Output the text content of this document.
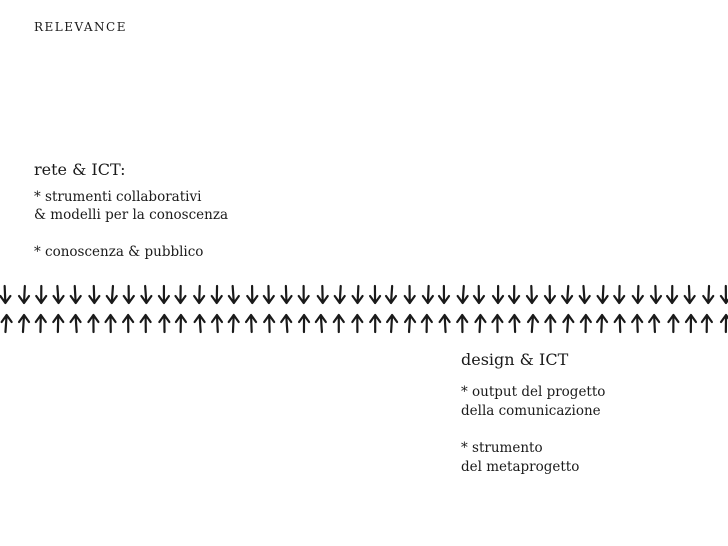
RELEVANCE
rete & ICT:

* strumenti collaborativi

& modelli per la conoscenza

* conoscenza & pubblico

design & ICT

* output del progetto

della comunicazione

* strumento

del metaprogetto
